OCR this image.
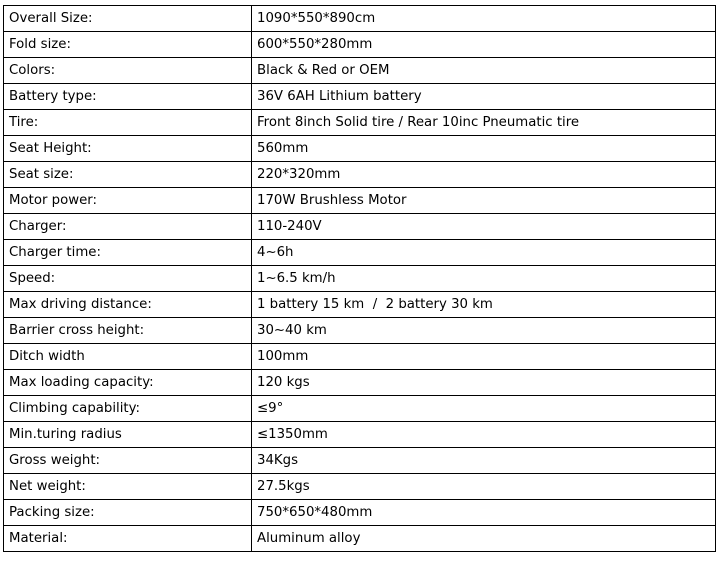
Overall Size:	1090*550*890cm
Fold size:	600*550*280mm
Colors:	Black & Red or OEM
Battery type:	36V 6AH Lithium battery
Tire:	Front 8inch Solid tire / Rear 10inc Pneumatic tire
Seat Height:	560mm
Seat size:	220*320mm
Motor power:	170W Brushless Motor
Charger:	110-240V
Charger time:	4~6h
Speed:	1~6.5 km/h
Max driving distance:	1 battery 15 km  /  2 battery 30 km
Barrier cross height:	30~40 km
Ditch width	100mm
Max loading capacity:	120 kgs
Climbing capability:	≤9°
Min.turing radius	≤1350mm
Gross weight:	34Kgs
Net weight:	27.5kgs
Packing size:	750*650*480mm
Material:	Aluminum alloy
